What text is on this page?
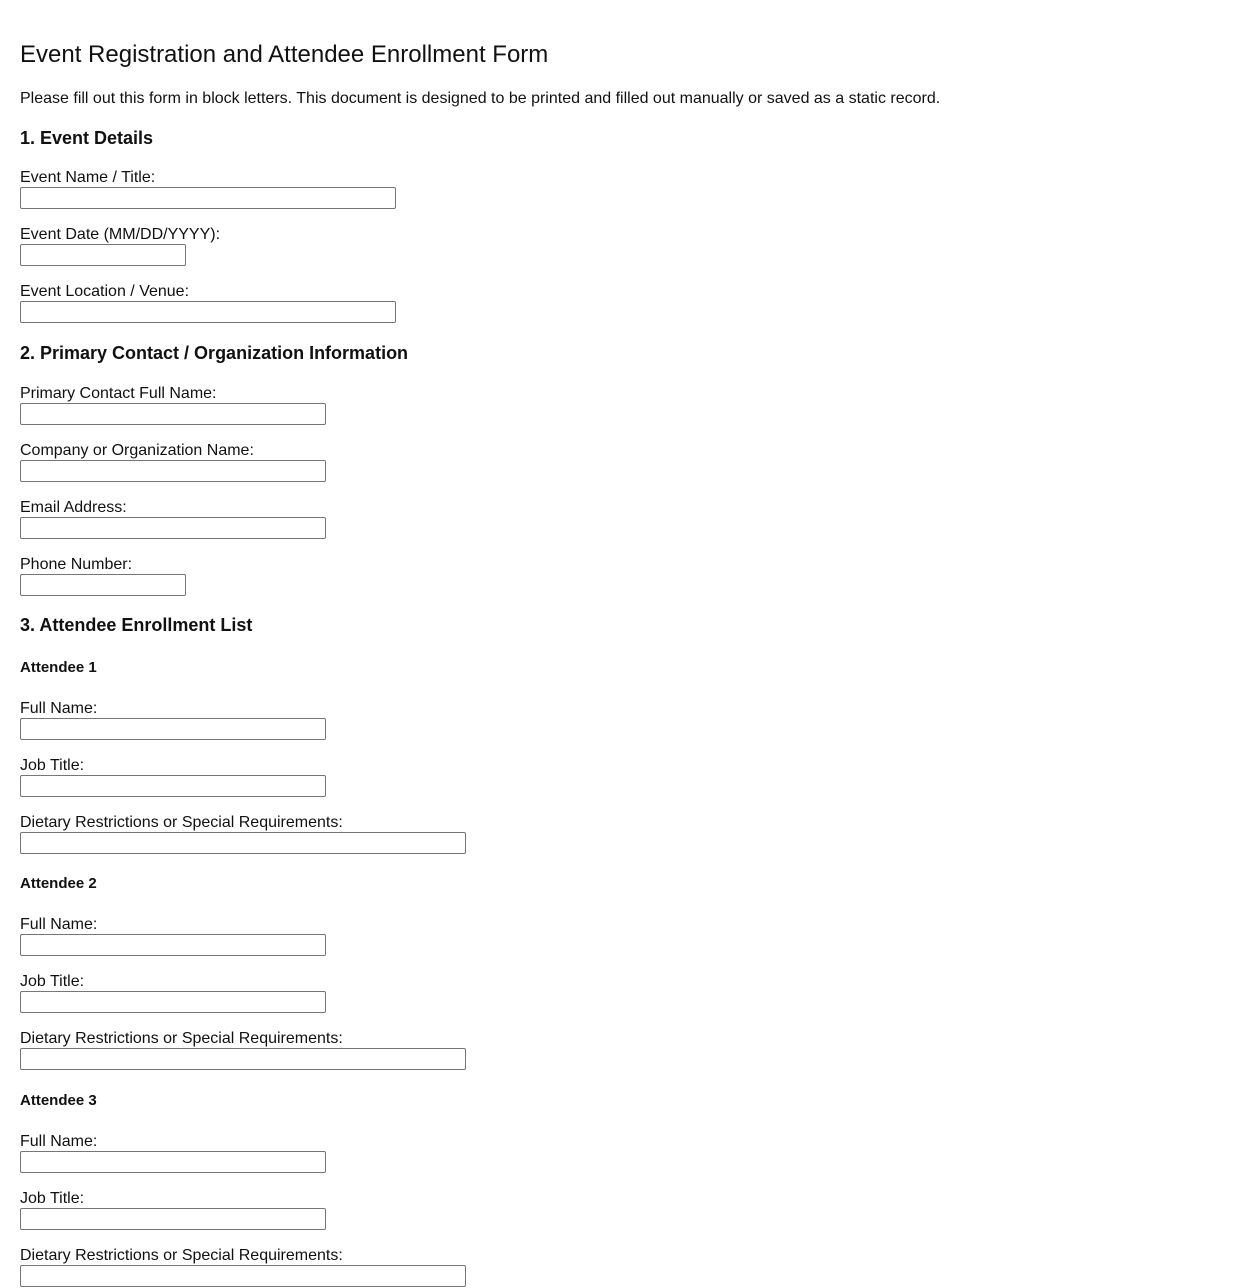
Event Registration and Attendee Enrollment Form

Please fill out this form in block letters. This document is designed to be printed and filled out manually or saved as a static record.

1. Event Details
Event Name / Title:
Event Date (MM/DD/YYYY):
Event Location / Venue:
2. Primary Contact / Organization Information
Primary Contact Full Name:
Company or Organization Name:
Email Address:
Phone Number:
3. Attendee Enrollment List
Attendee 1
Full Name:
Job Title:
Dietary Restrictions or Special Requirements:
Attendee 2
Full Name:
Job Title:
Dietary Restrictions or Special Requirements:
Attendee 3
Full Name:
Job Title:
Dietary Restrictions or Special Requirements:
